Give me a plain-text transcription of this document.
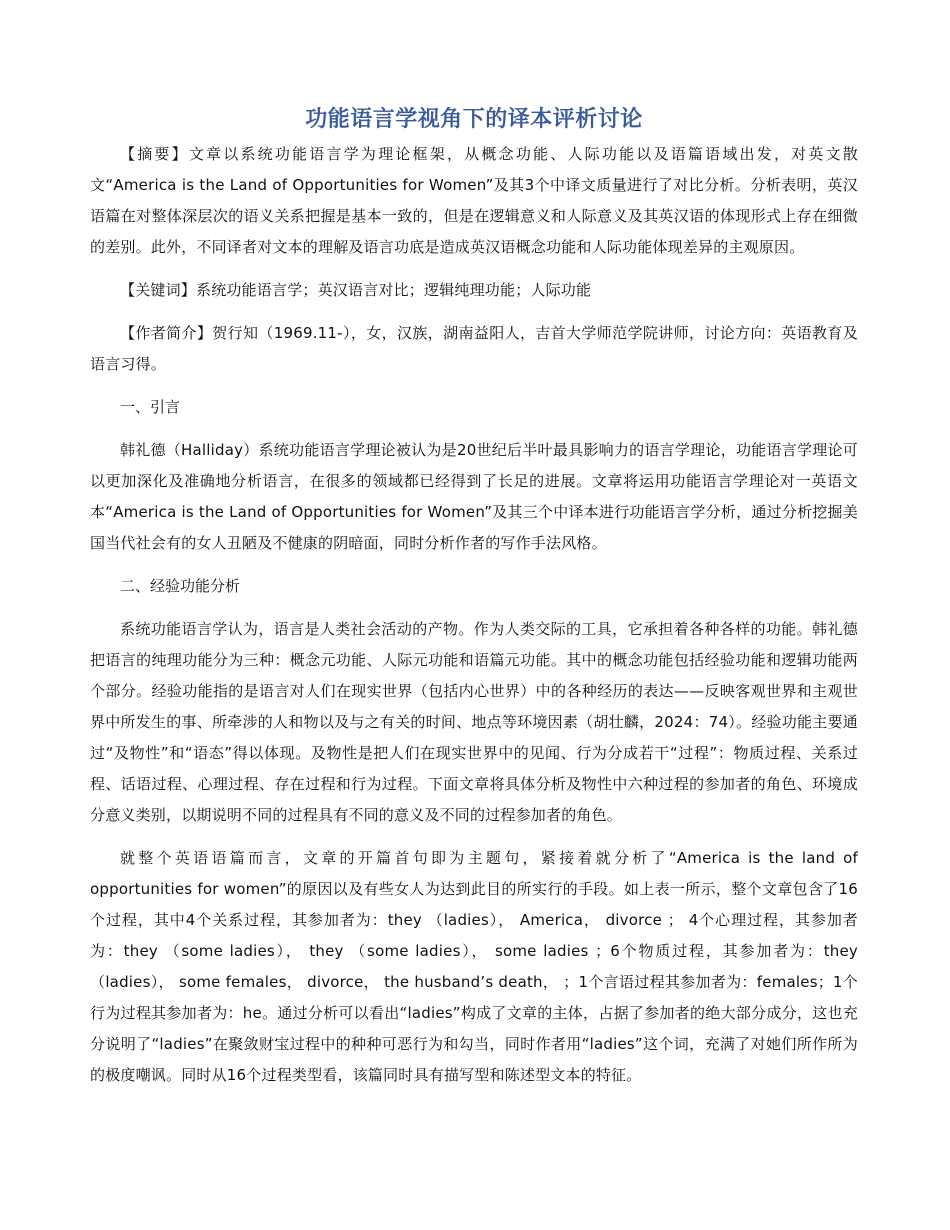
功能语言学视角下的译本评析讨论

【摘要】文章以系统功能语言学为理论框架，从概念功能、人际功能以及语篇语域出发，对英文散文“America is the Land of Opportunities for Women”及其3个中译文质量进行了对比分析。分析表明，英汉语篇在对整体深层次的语义关系把握是基本一致的，但是在逻辑意义和人际意义及其英汉语的体现形式上存在细微的差别。此外，不同译者对文本的理解及语言功底是造成英汉语概念功能和人际功能体现差异的主观原因。

【关键词】系统功能语言学；英汉语言对比；逻辑纯理功能；人际功能

【作者简介】贺行知（1969.11-），女，汉族，湖南益阳人，吉首大学师范学院讲师，讨论方向：英语教育及语言习得。

一、引言

韩礼德（Halliday）系统功能语言学理论被认为是20世纪后半叶最具影响力的语言学理论，功能语言学理论可以更加深化及准确地分析语言，在很多的领域都已经得到了长足的进展。文章将运用功能语言学理论对一英语文本“America is the Land of Opportunities for Women”及其三个中译本进行功能语言学分析，通过分析挖掘美国当代社会有的女人丑陋及不健康的阴暗面，同时分析作者的写作手法风格。

二、经验功能分析

系统功能语言学认为，语言是人类社会活动的产物。作为人类交际的工具，它承担着各种各样的功能。韩礼德把语言的纯理功能分为三种：概念元功能、人际元功能和语篇元功能。其中的概念功能包括经验功能和逻辑功能两个部分。经验功能指的是语言对人们在现实世界（包括内心世界）中的各种经历的表达——反映客观世界和主观世界中所发生的事、所牵涉的人和物以及与之有关的时间、地点等环境因素（胡壮麟，2024：74）。经验功能主要通过“及物性”和“语态”得以体现。及物性是把人们在现实世界中的见闻、行为分成若干“过程”：物质过程、关系过程、话语过程、心理过程、存在过程和行为过程。下面文章将具体分析及物性中六种过程的参加者的角色、环境成分意义类别，以期说明不同的过程具有不同的意义及不同的过程参加者的角色。

就整个英语语篇而言，文章的开篇首句即为主题句，紧接着就分析了“America is the land of opportunities for women”的原因以及有些女人为达到此目的所实行的手段。如上表一所示，整个文章包含了16个过程，其中4个关系过程，其参加者为：they （ladies）， America， divorce ； 4个心理过程，其参加者为：they （some ladies）， they （some ladies）， some ladies ；6个物质过程，其参加者为：they （ladies）， some females， divorce， the husband’s death， ；1个言语过程其参加者为：females；1个行为过程其参加者为：he。通过分析可以看出“ladies”构成了文章的主体，占据了参加者的绝大部分成分，这也充分说明了“ladies”在聚敛财宝过程中的种种可恶行为和勾当，同时作者用“ladies”这个词，充满了对她们所作所为的极度嘲讽。同时从16个过程类型看，该篇同时具有描写型和陈述型文本的特征。
